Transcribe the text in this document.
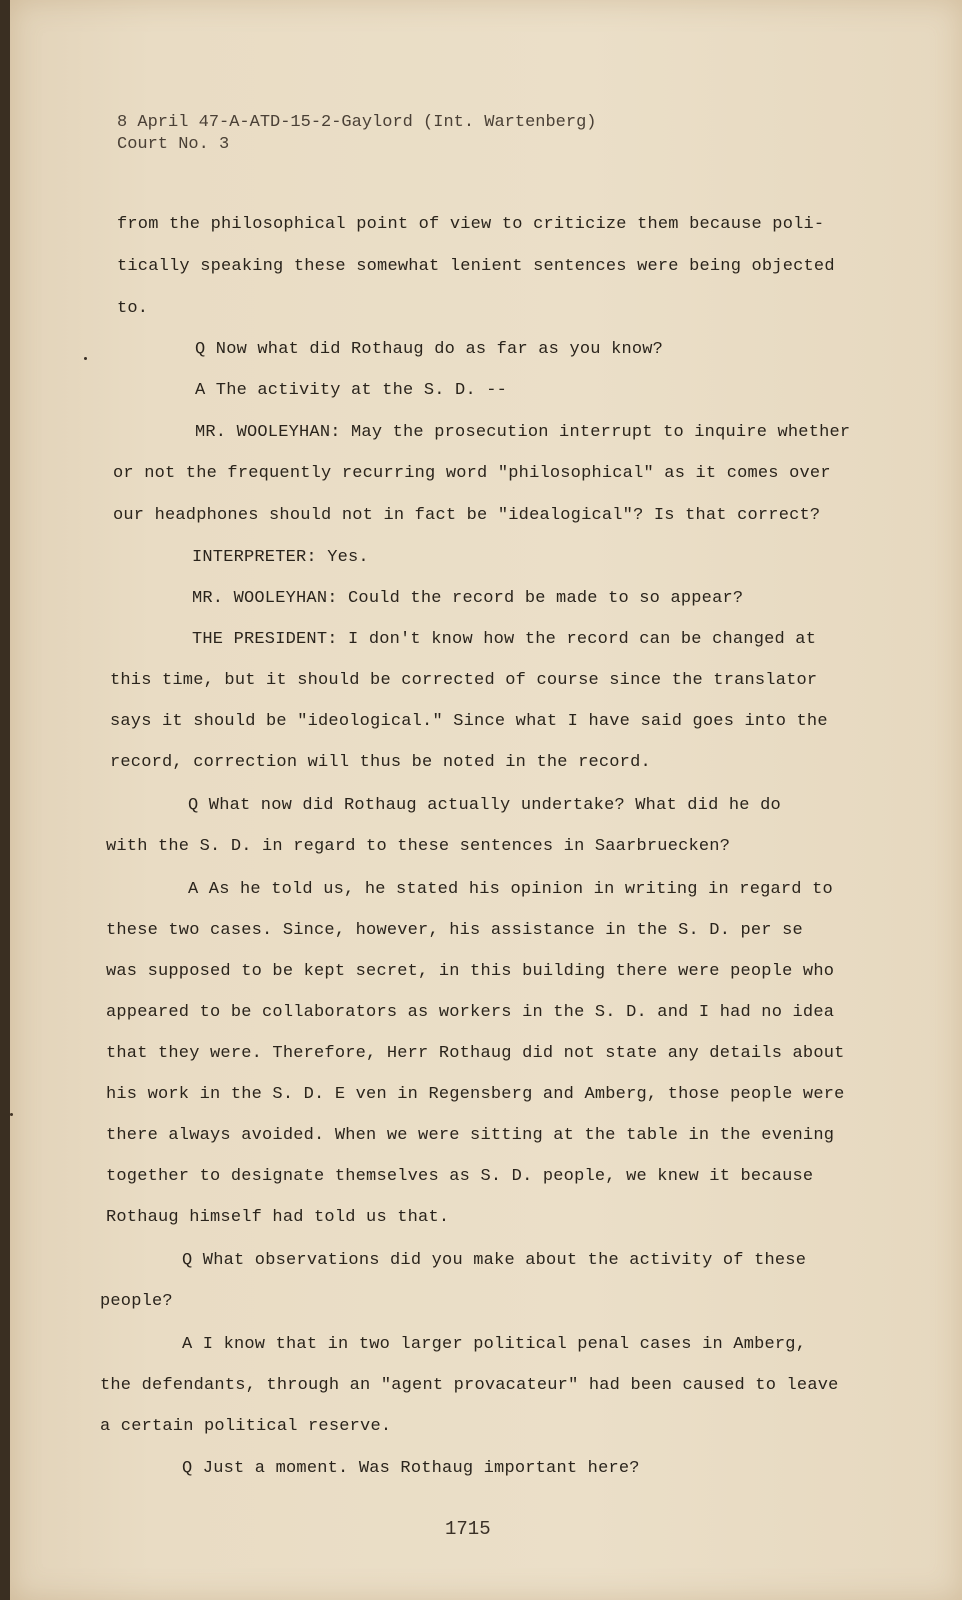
8 April 47-A-ATD-15-2-Gaylord (Int. Wartenberg)
Court No. 3
from the philosophical point of view to criticize them because poli-
tically speaking these somewhat lenient sentences were being objected
to.
Q Now what did Rothaug do as far as you know?
A The activity at the S. D. --
MR. WOOLEYHAN: May the prosecution interrupt to inquire whether
or not the frequently recurring word "philosophical" as it comes over
our headphones should not in fact be "idealogical"? Is that correct?
INTERPRETER: Yes.
MR. WOOLEYHAN: Could the record be made to so appear?
THE PRESIDENT: I don't know how the record can be changed at
this time, but it should be corrected of course since the translator
says it should be "ideological." Since what I have said goes into the
record, correction will thus be noted in the record.
Q What now did Rothaug actually undertake? What did he do
with the S. D. in regard to these sentences in Saarbruecken?
A As he told us, he stated his opinion in writing in regard to
these two cases. Since, however, his assistance in the S. D. per se
was supposed to be kept secret, in this building there were people who
appeared to be collaborators as workers in the S. D. and I had no idea
that they were. Therefore, Herr Rothaug did not state any details about
his work in the S. D. E ven in Regensberg and Amberg, those people were
there always avoided. When we were sitting at the table in the evening
together to designate themselves as S. D. people, we knew it because
Rothaug himself had told us that.
Q What observations did you make about the activity of these
people?
A I know that in two larger political penal cases in Amberg,
the defendants, through an "agent provacateur" had been caused to leave
a certain political reserve.
Q Just a moment. Was Rothaug important here?
1715
